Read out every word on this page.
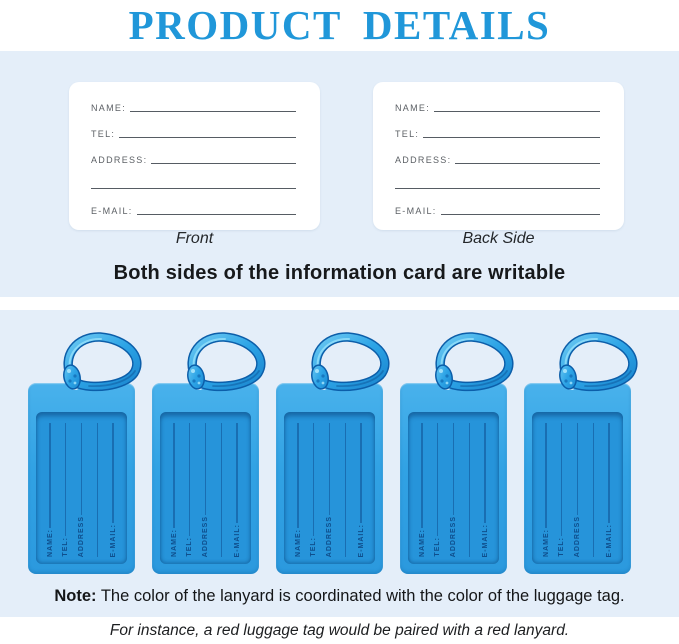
PRODUCT DETAILS
NAME:
TEL:
ADDRESS:
E-MAIL:
NAME:
TEL:
ADDRESS:
E-MAIL:
Front	Back Side
Both sides of the information card are writable
NAME: TEL: ADDRESS	E-MAIL:	NAME: TEL: ADDRESS	E-MAIL:	NAME: TEL: ADDRESS	E-MAIL:	NAME: TEL: ADDRESS	E-MAIL:	NAME: TEL: ADDRESS	E-MAIL:

Note: The color of the lanyard is coordinated with the color of the luggage tag.

For instance, a red luggage tag would be paired with a red lanyard.
